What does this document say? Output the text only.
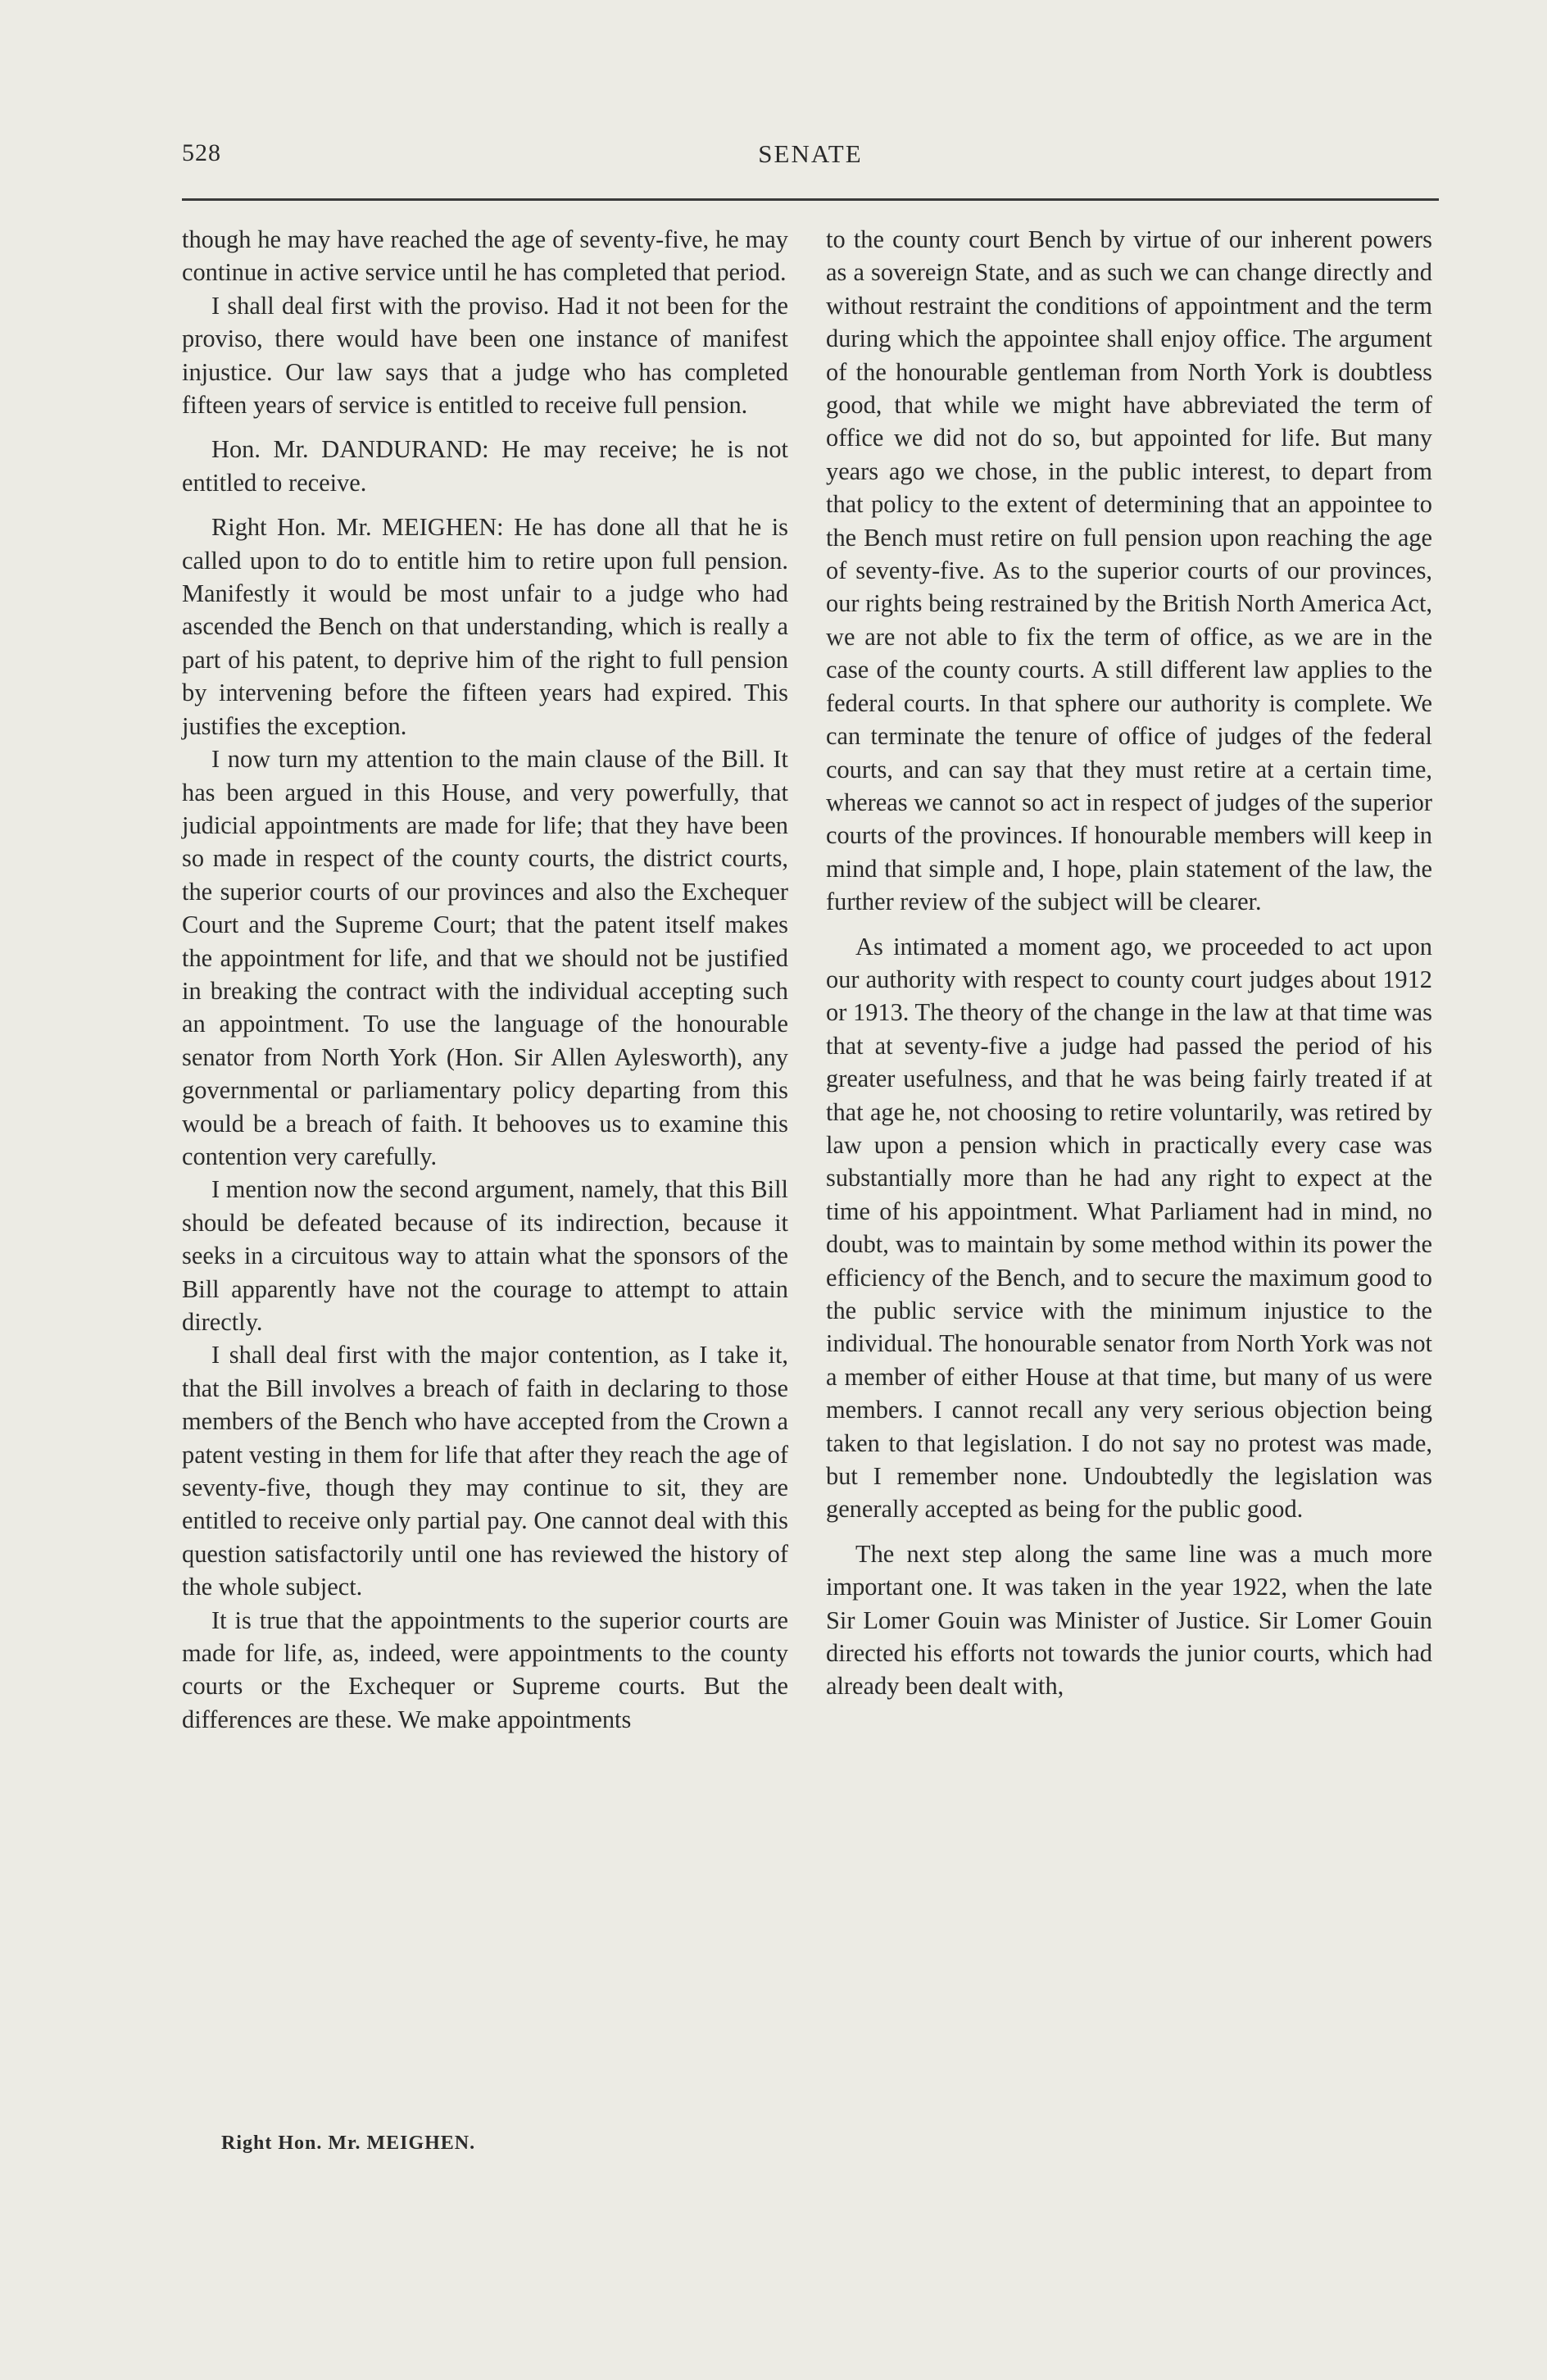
528	SENATE

though he may have reached the age of seventy-five, he may continue in active service until he has completed that period.

I shall deal first with the proviso. Had it not been for the proviso, there would have been one instance of manifest injustice. Our law says that a judge who has completed fifteen years of service is entitled to receive full pension.

Hon. Mr. DANDURAND: He may receive; he is not entitled to receive.

Right Hon. Mr. MEIGHEN: He has done all that he is called upon to do to entitle him to retire upon full pension. Manifestly it would be most unfair to a judge who had ascended the Bench on that understanding, which is really a part of his patent, to deprive him of the right to full pension by intervening before the fifteen years had expired. This justifies the exception.

I now turn my attention to the main clause of the Bill. It has been argued in this House, and very powerfully, that judicial appointments are made for life; that they have been so made in respect of the county courts, the district courts, the superior courts of our provinces and also the Exchequer Court and the Supreme Court; that the patent itself makes the appointment for life, and that we should not be justified in breaking the contract with the individual accepting such an appointment. To use the language of the honourable senator from North York (Hon. Sir Allen Aylesworth), any governmental or parliamentary policy departing from this would be a breach of faith. It behooves us to examine this contention very carefully.

I mention now the second argument, namely, that this Bill should be defeated because of its indirection, because it seeks in a circuitous way to attain what the sponsors of the Bill apparently have not the courage to attempt to attain directly.

I shall deal first with the major contention, as I take it, that the Bill involves a breach of faith in declaring to those members of the Bench who have accepted from the Crown a patent vesting in them for life that after they reach the age of seventy-five, though they may continue to sit, they are entitled to receive only partial pay. One cannot deal with this question satisfactorily until one has reviewed the history of the whole subject.

It is true that the appointments to the superior courts are made for life, as, indeed, were appointments to the county courts or the Exchequer or Supreme courts. But the differences are these. We make appointments

to the county court Bench by virtue of our inherent powers as a sovereign State, and as such we can change directly and without restraint the conditions of appointment and the term during which the appointee shall enjoy office. The argument of the honourable gentleman from North York is doubtless good, that while we might have abbreviated the term of office we did not do so, but appointed for life. But many years ago we chose, in the public interest, to depart from that policy to the extent of determining that an appointee to the Bench must retire on full pension upon reaching the age of seventy-five. As to the superior courts of our provinces, our rights being restrained by the British North America Act, we are not able to fix the term of office, as we are in the case of the county courts. A still different law applies to the federal courts. In that sphere our authority is complete. We can terminate the tenure of office of judges of the federal courts, and can say that they must retire at a certain time, whereas we cannot so act in respect of judges of the superior courts of the provinces. If honourable members will keep in mind that simple and, I hope, plain statement of the law, the further review of the subject will be clearer.

As intimated a moment ago, we proceeded to act upon our authority with respect to county court judges about 1912 or 1913. The theory of the change in the law at that time was that at seventy-five a judge had passed the period of his greater usefulness, and that he was being fairly treated if at that age he, not choosing to retire voluntarily, was retired by law upon a pension which in practically every case was substantially more than he had any right to expect at the time of his appointment. What Parliament had in mind, no doubt, was to maintain by some method within its power the efficiency of the Bench, and to secure the maximum good to the public service with the minimum injustice to the individual. The honourable senator from North York was not a member of either House at that time, but many of us were members. I cannot recall any very serious objection being taken to that legislation. I do not say no protest was made, but I remember none. Undoubtedly the legislation was generally accepted as being for the public good.

The next step along the same line was a much more important one. It was taken in the year 1922, when the late Sir Lomer Gouin was Minister of Justice. Sir Lomer Gouin directed his efforts not towards the junior courts, which had already been dealt with,

Right Hon. Mr. MEIGHEN.
